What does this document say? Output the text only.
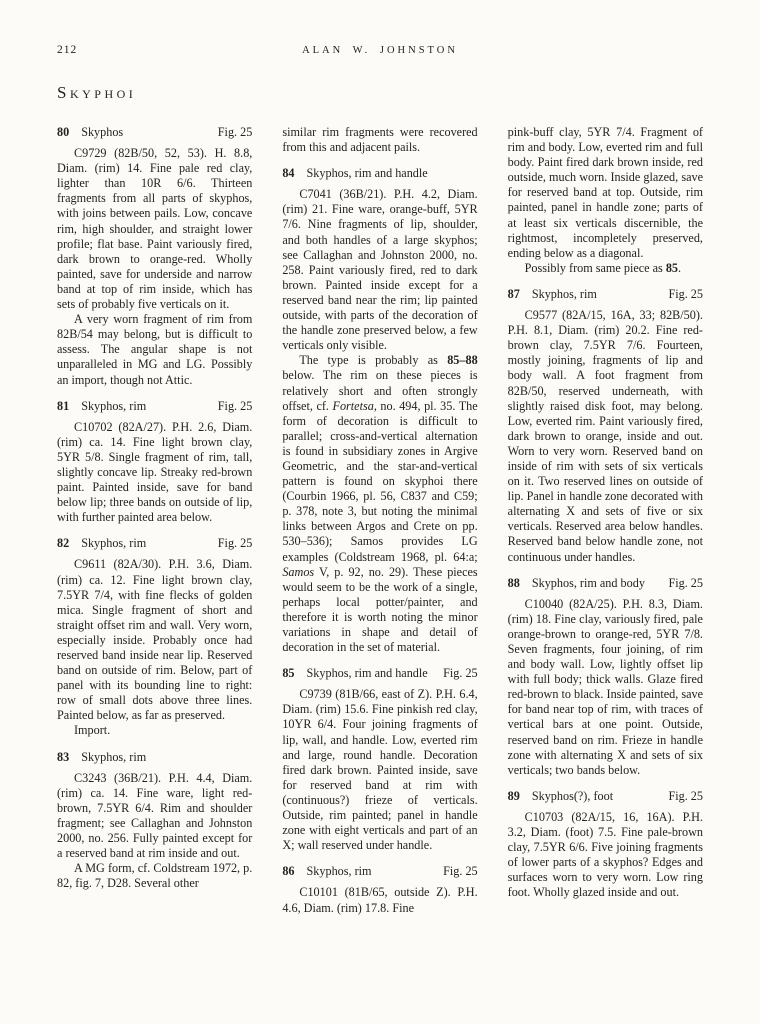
212	ALAN W. JOHNSTON
Skyphoi
80 Skyphos	Fig. 25

C9729 (82B/50, 52, 53). H. 8.8, Diam. (rim) 14. Fine pale red clay, lighter than 10R 6/6. Thirteen fragments from all parts of skyphos, with joins between pails. Low, concave rim, high shoulder, and straight lower profile; flat base. Paint variously fired, dark brown to orange-red. Wholly painted, save for underside and narrow band at top of rim inside, which has sets of probably five verticals on it.

A very worn fragment of rim from 82B/54 may belong, but is difficult to assess. The angular shape is not unparalleled in MG and LG. Possibly an import, though not Attic.

81 Skyphos, rim	Fig. 25

C10702 (82A/27). P.H. 2.6, Diam. (rim) ca. 14. Fine light brown clay, 5YR 5/8. Single fragment of rim, tall, slightly concave lip. Streaky red-brown paint. Painted inside, save for band below lip; three bands on outside of lip, with further painted area below.

82 Skyphos, rim	Fig. 25

C9611 (82A/30). P.H. 3.6, Diam. (rim) ca. 12. Fine light brown clay, 7.5YR 7/4, with fine flecks of golden mica. Single fragment of short and straight offset rim and wall. Very worn, especially inside. Probably once had reserved band inside near lip. Reserved band on outside of rim. Below, part of panel with its bounding line to right: row of small dots above three lines. Painted below, as far as preserved.

Import.

83 Skyphos, rim

C3243 (36B/21). P.H. 4.4, Diam. (rim) ca. 14. Fine ware, light red-brown, 7.5YR 6/4. Rim and shoulder fragment; see Callaghan and Johnston 2000, no. 256. Fully painted except for a reserved band at rim inside and out.

A MG form, cf. Coldstream 1972, p. 82, fig. 7, D28. Several other

similar rim fragments were recovered from this and adjacent pails.

84 Skyphos, rim and handle

C7041 (36B/21). P.H. 4.2, Diam. (rim) 21. Fine ware, orange-buff, 5YR 7/6. Nine fragments of lip, shoulder, and both handles of a large skyphos; see Callaghan and Johnston 2000, no. 258. Paint variously fired, red to dark brown. Painted inside except for a reserved band near the rim; lip painted outside, with parts of the decoration of the handle zone preserved below, a few verticals only visible.

The type is probably as 85–88 below. The rim on these pieces is relatively short and often strongly offset, cf. Fortetsa, no. 494, pl. 35. The form of decoration is difficult to parallel; cross-and-vertical alternation is found in subsidiary zones in Argive Geometric, and the star-and-vertical pattern is found on skyphoi there (Courbin 1966, pl. 56, C837 and C59; p. 378, note 3, but noting the minimal links between Argos and Crete on pp. 530–536); Samos provides LG examples (Coldstream 1968, pl. 64:a; Samos V, p. 92, no. 29). These pieces would seem to be the work of a single, perhaps local potter/painter, and therefore it is worth noting the minor variations in shape and detail of decoration in the set of material.

85 Skyphos, rim and handle	Fig. 25

C9739 (81B/66, east of Z). P.H. 6.4, Diam. (rim) 15.6. Fine pinkish red clay, 10YR 6/4. Four joining fragments of lip, wall, and handle. Low, everted rim and large, round handle. Decoration fired dark brown. Painted inside, save for reserved band at rim with (continuous?) frieze of verticals. Outside, rim painted; panel in handle zone with eight verticals and part of an X; wall reserved under handle.

86 Skyphos, rim	Fig. 25

C10101 (81B/65, outside Z). P.H. 4.6, Diam. (rim) 17.8. Fine

pink-buff clay, 5YR 7/4. Fragment of rim and body. Low, everted rim and full body. Paint fired dark brown inside, red outside, much worn. Inside glazed, save for reserved band at top. Outside, rim painted, panel in handle zone; parts of at least six verticals discernible, the rightmost, incompletely preserved, ending below as a diagonal.

Possibly from same piece as 85.

87 Skyphos, rim	Fig. 25

C9577 (82A/15, 16A, 33; 82B/50). P.H. 8.1, Diam. (rim) 20.2. Fine red-brown clay, 7.5YR 7/6. Fourteen, mostly joining, fragments of lip and body wall. A foot fragment from 82B/50, reserved underneath, with slightly raised disk foot, may belong. Low, everted rim. Paint variously fired, dark brown to orange, inside and out. Worn to very worn. Reserved band on inside of rim with sets of six verticals on it. Two reserved lines on outside of lip. Panel in handle zone decorated with alternating X and sets of five or six verticals. Reserved area below handles. Reserved band below handle zone, not continuous under handles.

88 Skyphos, rim and body	Fig. 25

C10040 (82A/25). P.H. 8.3, Diam. (rim) 18. Fine clay, variously fired, pale orange-brown to orange-red, 5YR 7/8. Seven fragments, four joining, of rim and body wall. Low, lightly offset lip with full body; thick walls. Glaze fired red-brown to black. Inside painted, save for band near top of rim, with traces of vertical bars at one point. Outside, reserved band on rim. Frieze in handle zone with alternating X and sets of six verticals; two bands below.

89 Skyphos(?), foot	Fig. 25

C10703 (82A/15, 16, 16A). P.H. 3.2, Diam. (foot) 7.5. Fine pale-brown clay, 7.5YR 6/6. Five joining fragments of lower parts of a skyphos? Edges and surfaces worn to very worn. Low ring foot. Wholly glazed inside and out.
